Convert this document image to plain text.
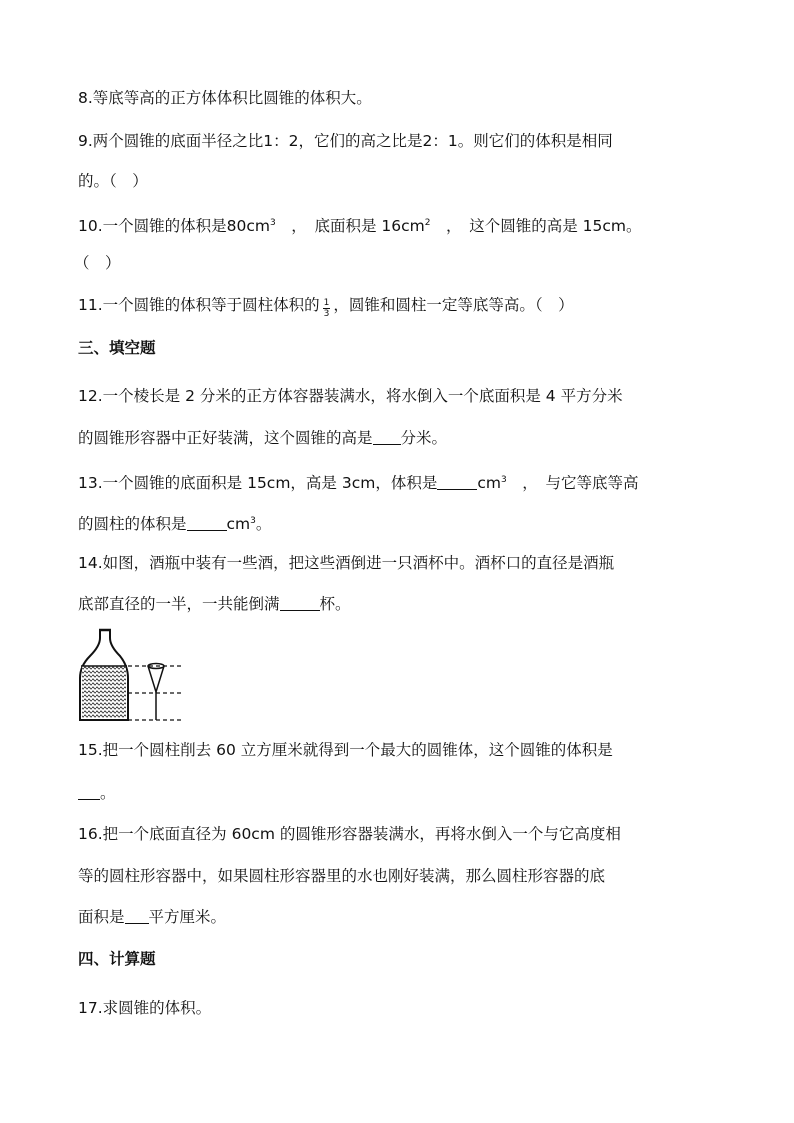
8.等底等高的正方体体积比圆锥的体积大。
9.两个圆锥的底面半径之比1：2，它们的高之比是2：1。则它们的体积是相同
的。（　）
10.一个圆锥的体积是$80cm^3$　，　底面积是 $16cm^2$　，　这个圆锥的高是 15cm。
（　）
11.一个圆锥的体积等于圆柱体积的 $\frac{1}{3}$ ，圆锥和圆柱一定等底等高。（　）
三、填空题
12.一个棱长是 2 分米的正方体容器装满水，将水倒入一个底面积是 4 平方分米
的圆锥形容器中正好装满，这个圆锥的高是 分米。
13.一个圆锥的底面积是 15cm，高是 3cm，体积是	$cm^3$　，　与它等底等高
的圆柱的体积是	$cm^3$。
14.如图，酒瓶中装有一些酒，把这些酒倒进一只酒杯中。酒杯口的直径是酒瓶
底部直径的一半，一共能倒满	杯。
15.把一个圆柱削去 60 立方厘米就得到一个最大的圆锥体，这个圆锥的体积是
。
16.把一个底面直径为 60cm 的圆锥形容器装满水，再将水倒入一个与它高度相
等的圆柱形容器中，如果圆柱形容器里的水也刚好装满，那么圆柱形容器的底
面积是 平方厘米。
四、计算题
17.求圆锥的体积。
